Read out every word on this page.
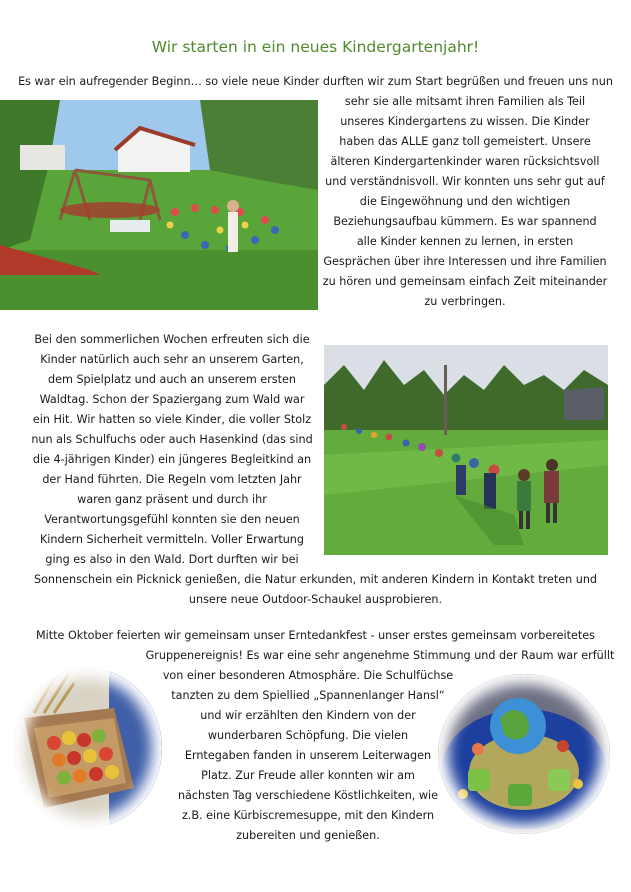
Wir starten in ein neues Kindergartenjahr!

Es war ein aufregender Beginn… so viele neue Kinder durften wir zum Start begrüßen und freuen uns nun

sehr sie alle mitsamt ihren Familien als Teil
unseres Kindergartens zu wissen. Die Kinder
haben das ALLE ganz toll gemeistert. Unsere
älteren Kindergartenkinder waren rücksichtsvoll
und verständnisvoll. Wir konnten uns sehr gut auf
die Eingewöhnung und den wichtigen
Beziehungsaufbau kümmern. Es war spannend
alle Kinder kennen zu lernen, in ersten
Gesprächen über ihre Interessen und ihre Familien
zu hören und gemeinsam einfach Zeit miteinander
zu verbringen.

Bei den sommerlichen Wochen erfreuten sich die
Kinder natürlich auch sehr an unserem Garten,
dem Spielplatz und auch an unserem ersten
Waldtag. Schon der Spaziergang zum Wald war
ein Hit. Wir hatten so viele Kinder, die voller Stolz
nun als Schulfuchs oder auch Hasenkind (das sind
die 4-jährigen Kinder) ein jüngeres Begleitkind an
der Hand führten. Die Regeln vom letzten Jahr
waren ganz präsent und durch ihr
Verantwortungsgefühl konnten sie den neuen
Kindern Sicherheit vermitteln. Voller Erwartung
ging es also in den Wald. Dort durften wir bei

Sonnenschein ein Picknick genießen, die Natur erkunden, mit anderen Kindern in Kontakt treten und
unsere neue Outdoor-Schaukel ausprobieren.

Mitte Oktober feierten wir gemeinsam unser Erntedankfest - unser erstes gemeinsam vorbereitetes

Gruppenereignis! Es war eine sehr angenehme Stimmung und der Raum war erfüllt

von einer besonderen Atmosphäre. Die Schulfüchse
tanzten zu dem Spiellied „Spannenlanger Hansl“
und wir erzählten den Kindern von der
wunderbaren Schöpfung. Die vielen
Erntegaben fanden in unserem Leiterwagen
Platz. Zur Freude aller konnten wir am
nächsten Tag verschiedene Köstlichkeiten, wie
z.B. eine Kürbiscremesuppe, mit den Kindern
zubereiten und genießen.
